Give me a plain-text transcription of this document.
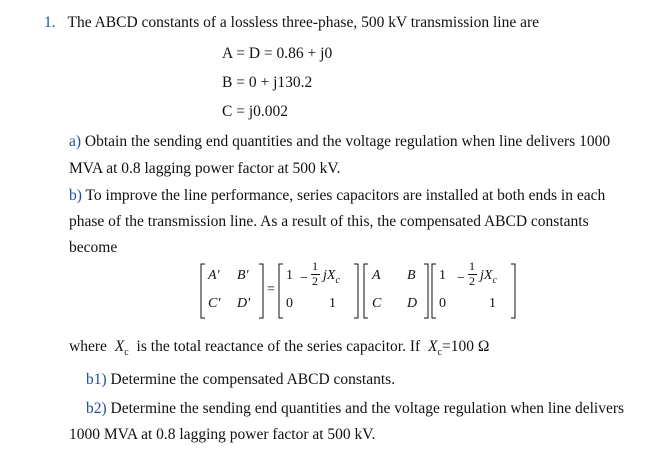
1. The ABCD constants of a lossless three-phase, 500 kV transmission line are
A = D = 0.86 + j0
B = 0 + j130.2
C = j0.002
a) Obtain the sending end quantities and the voltage regulation when line delivers 1000
MVA at 0.8 lagging power factor at 500 kV.
b) To improve the line performance, series capacitors are installed at both ends in each
phase of the transmission line. As a result of this, the compensated ABCD constants
become
A' B'
C' D'
=
1 −
1
2 $jX_c$
0	1
A B
C D
1 −
1
2 $jX_c$
0	1
where $X_c$ is the total reactance of the series capacitor. If $X_c=100$ Ω
b1) Determine the compensated ABCD constants.
b2) Determine the sending end quantities and the voltage regulation when line delivers
1000 MVA at 0.8 lagging power factor at 500 kV.
